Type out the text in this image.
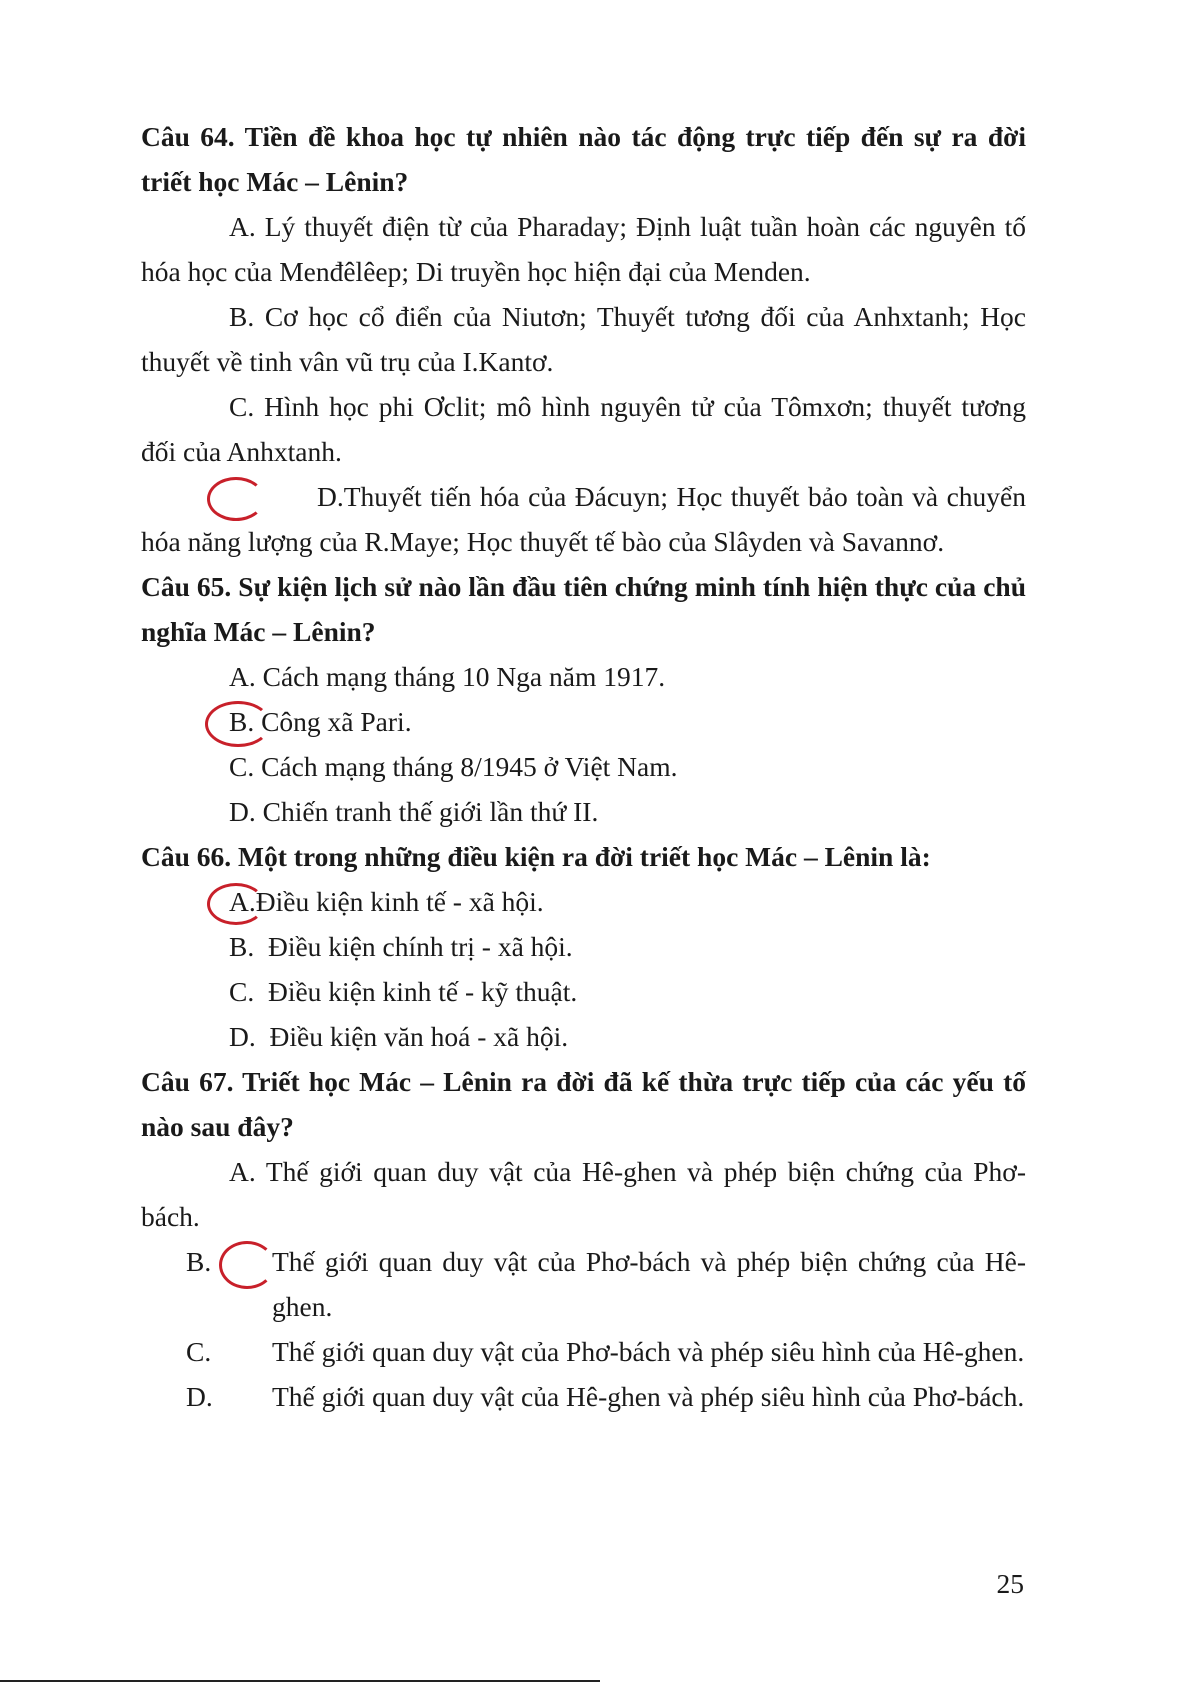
Câu 64. Tiền đề khoa học tự nhiên nào tác động trực tiếp đến sự ra đời triết học Mác – Lênin?

A. Lý thuyết điện từ của Pharaday; Định luật tuần hoàn các nguyên tố hóa học của Menđêlêep; Di truyền học hiện đại của Menden.

B. Cơ học cổ điển của Niutơn; Thuyết tương đối của Anhxtanh; Học thuyết về tinh vân vũ trụ của I.Kantơ.

C. Hình học phi Ơclit; mô hình nguyên tử của Tômxơn; thuyết tương đối của Anhxtanh.

D.Thuyết tiến hóa của Đácuyn; Học thuyết bảo toàn và chuyển hóa năng lượng của R.Maye; Học thuyết tế bào của Slâyden và Savannơ.

Câu 65. Sự kiện lịch sử nào lần đầu tiên chứng minh tính hiện thực của chủ nghĩa Mác – Lênin?

A. Cách mạng tháng 10 Nga năm 1917.

B. Công xã Pari.

C. Cách mạng tháng 8/1945 ở Việt Nam.

D. Chiến tranh thế giới lần thứ II.

Câu 66. Một trong những điều kiện ra đời triết học Mác – Lênin là:

A.Điều kiện kinh tế - xã hội.

B. Điều kiện chính trị - xã hội.

C. Điều kiện kinh tế - kỹ thuật.

D. Điều kiện văn hoá - xã hội.

Câu 67. Triết học Mác – Lênin ra đời đã kế thừa trực tiếp của các yếu tố nào sau đây?

A. Thế giới quan duy vật của Hê-ghen và phép biện chứng của Phơ-bách.

B. Thế giới quan duy vật của Phơ-bách và phép biện chứng của Hê-ghen.

C. Thế giới quan duy vật của Phơ-bách và phép siêu hình của Hê-ghen.

D. Thế giới quan duy vật của Hê-ghen và phép siêu hình của Phơ-bách.

25
